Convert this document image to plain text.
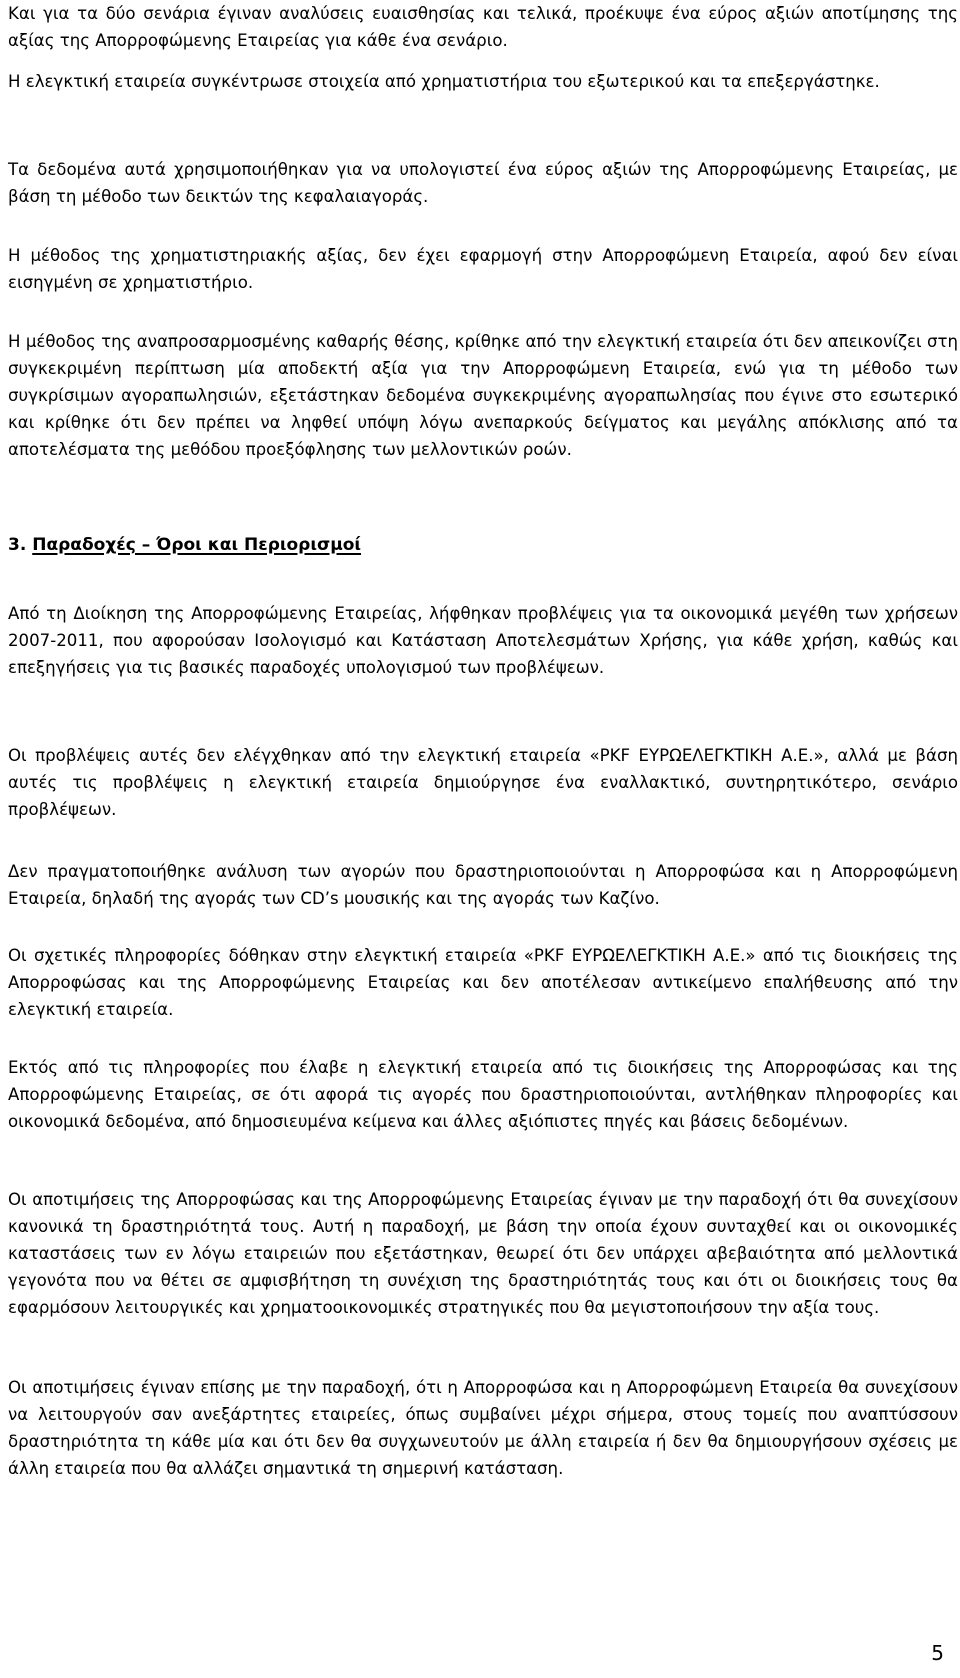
Και για τα δύο σενάρια έγιναν αναλύσεις ευαισθησίας και τελικά, προέκυψε ένα εύρος αξιών αποτίμησης της αξίας της Απορροφώμενης Εταιρείας για κάθε ένα σενάριο.

Η ελεγκτική εταιρεία συγκέντρωσε στοιχεία από χρηματιστήρια του εξωτερικού και τα επεξεργάστηκε.

Τα δεδομένα αυτά χρησιμοποιήθηκαν για να υπολογιστεί ένα εύρος αξιών της Απορροφώμενης Εταιρείας, με βάση τη μέθοδο των δεικτών της κεφαλαιαγοράς.

Η μέθοδος της χρηματιστηριακής αξίας, δεν έχει εφαρμογή στην Απορροφώμενη Εταιρεία, αφού δεν είναι εισηγμένη σε χρηματιστήριο.

Η μέθοδος της αναπροσαρμοσμένης καθαρής θέσης, κρίθηκε από την ελεγκτική εταιρεία ότι δεν απεικονίζει στη συγκεκριμένη περίπτωση μία αποδεκτή αξία για την Απορροφώμενη Εταιρεία, ενώ για τη μέθοδο των συγκρίσιμων αγοραπωλησιών, εξετάστηκαν δεδομένα συγκεκριμένης αγοραπωλησίας που έγινε στο εσωτερικό και κρίθηκε ότι δεν πρέπει να ληφθεί υπόψη λόγω ανεπαρκούς δείγματος και μεγάλης απόκλισης από τα αποτελέσματα της μεθόδου προεξόφλησης των μελλοντικών ροών.

3. Παραδοχές – Όροι και Περιορισμοί

Από τη Διοίκηση της Απορροφώμενης Εταιρείας, λήφθηκαν προβλέψεις για τα οικονομικά μεγέθη των χρήσεων 2007-2011, που αφορούσαν Ισολογισμό και Κατάσταση Αποτελεσμάτων Χρήσης, για κάθε χρήση, καθώς και επεξηγήσεις για τις βασικές παραδοχές υπολογισμού των προβλέψεων.

Οι προβλέψεις αυτές δεν ελέγχθηκαν από την ελεγκτική εταιρεία «PKF ΕΥΡΩΕΛΕΓΚΤΙΚΗ Α.Ε.», αλλά με βάση αυτές τις προβλέψεις η ελεγκτική εταιρεία δημιούργησε ένα εναλλακτικό, συντηρητικότερο, σενάριο προβλέψεων.

Δεν πραγματοποιήθηκε ανάλυση των αγορών που δραστηριοποιούνται η Απορροφώσα και η Απορροφώμενη Εταιρεία, δηλαδή της αγοράς των CD’s μουσικής και της αγοράς των Καζίνο.

Οι σχετικές πληροφορίες δόθηκαν στην ελεγκτική εταιρεία «PKF ΕΥΡΩΕΛΕΓΚΤΙΚΗ Α.Ε.» από τις διοικήσεις της Απορροφώσας και της Απορροφώμενης Εταιρείας και δεν αποτέλεσαν αντικείμενο επαλήθευσης από την ελεγκτική εταιρεία.

Εκτός από τις πληροφορίες που έλαβε η ελεγκτική εταιρεία από τις διοικήσεις της Απορροφώσας και της Απορροφώμενης Εταιρείας, σε ότι αφορά τις αγορές που δραστηριοποιούνται, αντλήθηκαν πληροφορίες και οικονομικά δεδομένα, από δημοσιευμένα κείμενα και άλλες αξιόπιστες πηγές και βάσεις δεδομένων.

Οι αποτιμήσεις της Απορροφώσας και της Απορροφώμενης Εταιρείας έγιναν με την παραδοχή ότι θα συνεχίσουν κανονικά τη δραστηριότητά τους. Αυτή η παραδοχή, με βάση την οποία έχουν συνταχθεί και οι οικονομικές καταστάσεις των εν λόγω εταιρειών που εξετάστηκαν, θεωρεί ότι δεν υπάρχει αβεβαιότητα από μελλοντικά γεγονότα που να θέτει σε αμφισβήτηση τη συνέχιση της δραστηριότητάς τους και ότι οι διοικήσεις τους θα εφαρμόσουν λειτουργικές και χρηματοοικονομικές στρατηγικές που θα μεγιστοποιήσουν την αξία τους.

Οι αποτιμήσεις έγιναν επίσης με την παραδοχή, ότι η Απορροφώσα και η Απορροφώμενη Εταιρεία θα συνεχίσουν να λειτουργούν σαν ανεξάρτητες εταιρείες, όπως συμβαίνει μέχρι σήμερα, στους τομείς που αναπτύσσουν δραστηριότητα τη κάθε μία και ότι δεν θα συγχωνευτούν με άλλη εταιρεία ή δεν θα δημιουργήσουν σχέσεις με άλλη εταιρεία που θα αλλάζει σημαντικά τη σημερινή κατάσταση.

5
